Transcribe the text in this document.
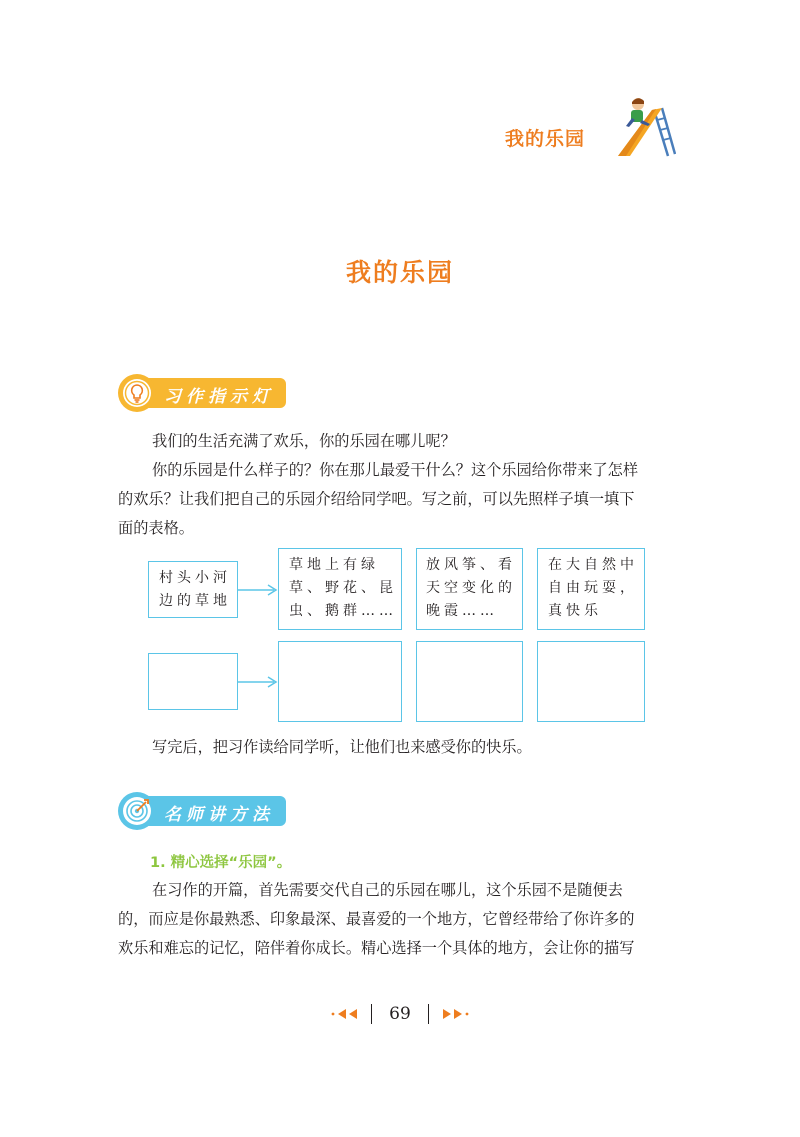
我的乐园
我的乐园
习作指示灯
我们的生活充满了欢乐，你的乐园在哪儿呢？
你的乐园是什么样子的？你在那儿最爱干什么？这个乐园给你带来了怎样
的欢乐？让我们把自己的乐园介绍给同学吧。写之前，可以先照样子填一填下
面的表格。
村头小河
边的草地
草地上有绿
草、野花、昆
虫、鹅群……
放风筝、看
天空变化的
晚霞……
在大自然中
自由玩耍，
真快乐
写完后，把习作读给同学听，让他们也来感受你的快乐。
名师讲方法
1. 精心选择“乐园”。
在习作的开篇，首先需要交代自己的乐园在哪儿，这个乐园不是随便去
的，而应是你最熟悉、印象最深、最喜爱的一个地方，它曾经带给了你许多的
欢乐和难忘的记忆，陪伴着你成长。精心选择一个具体的地方，会让你的描写
69
